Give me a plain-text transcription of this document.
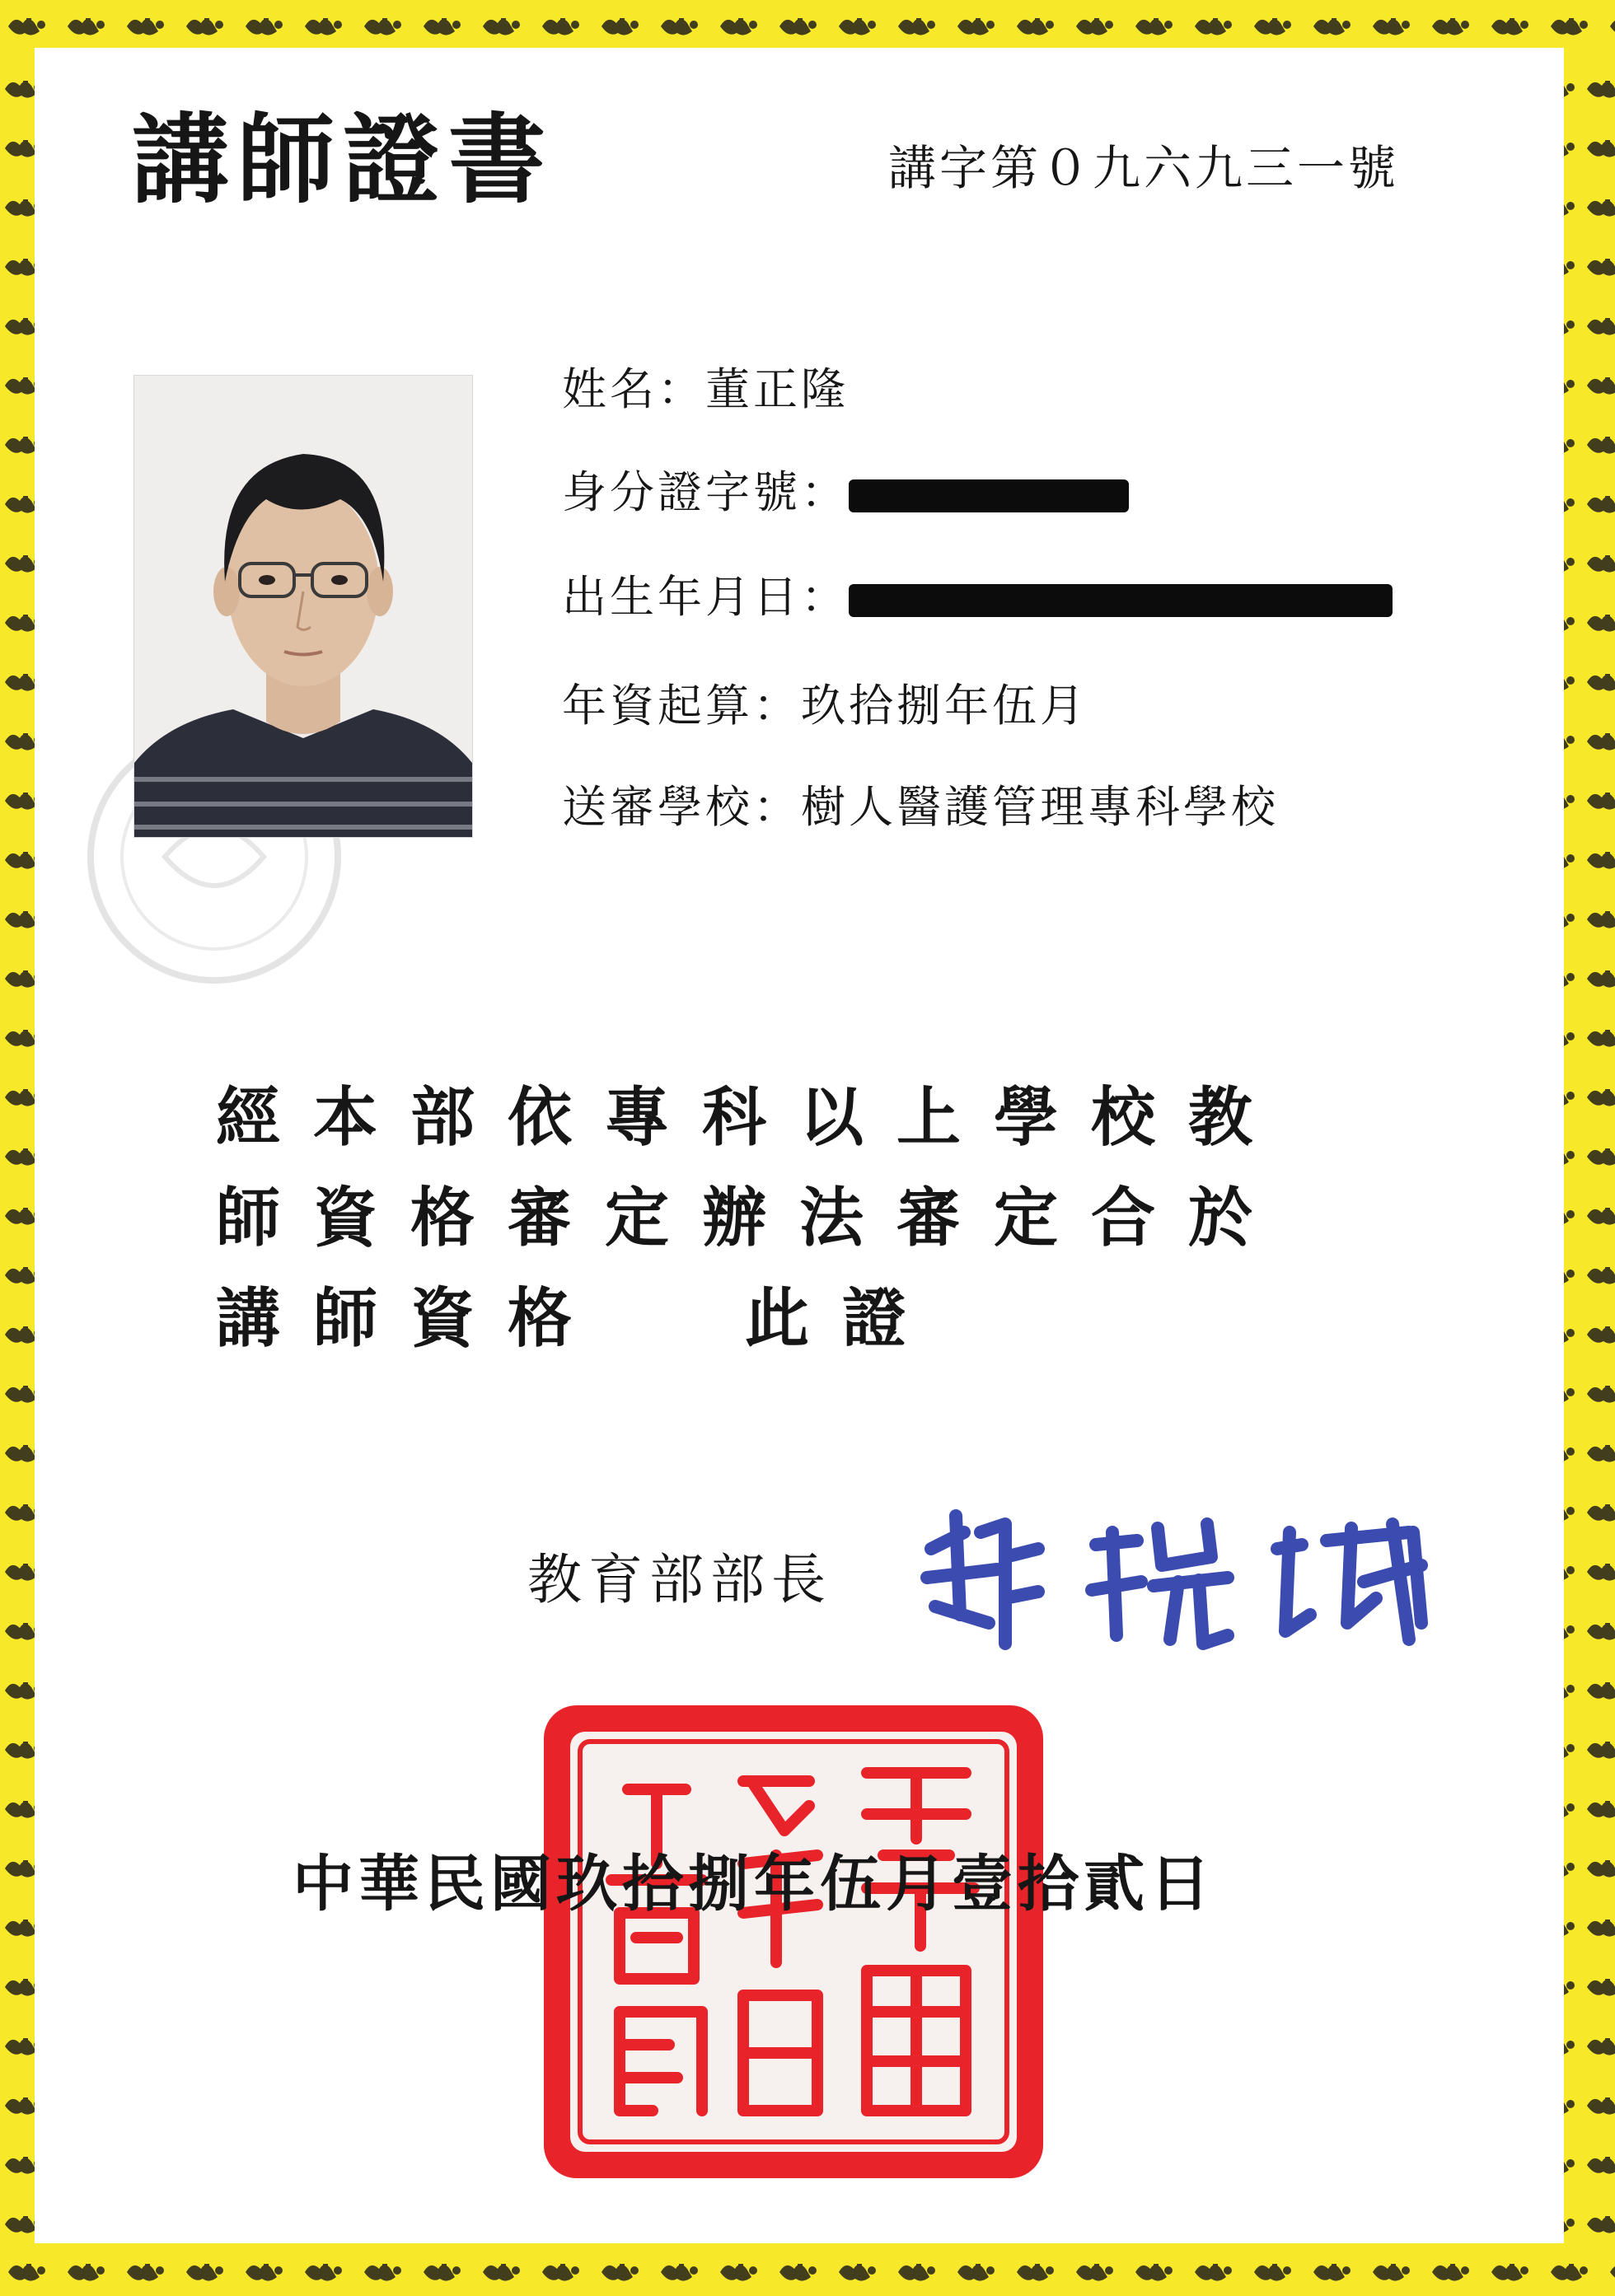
講師證書	講字第０九六九三一號
姓名：董正隆
身分證字號：
出生年月日：
年資起算：玖拾捌年伍月
送審學校：樹人醫護管理專科學校
經本部依專科以上學校教
師資格審定辦法審定合於
講師資格 此證
教育部部長
中華民國玖拾捌年伍月壹拾貳日
